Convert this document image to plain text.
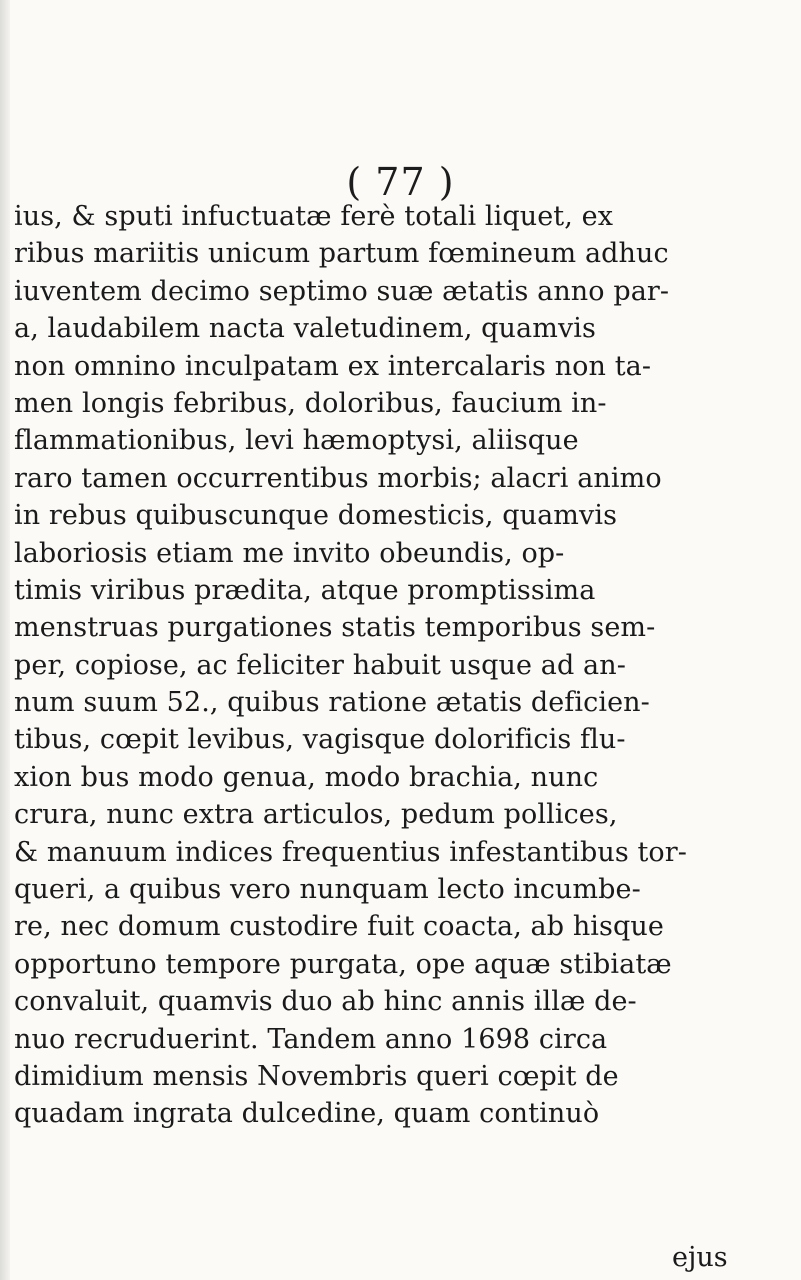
( 77 )
ius, & sputi infuctuatæ ferè totali liquet, ex
ribus mariitis unicum partum fœmineum adhuc
iuventem decimo septimo suæ ætatis anno par-
a, laudabilem nacta valetudinem, quamvis
non omnino inculpatam ex intercalaris non ta-
men longis febribus, doloribus, faucium in-
flammationibus, levi hæmoptysi, aliisque
raro tamen occurrentibus morbis; alacri animo
in rebus quibuscunque domesticis, quamvis
laboriosis etiam me invito obeundis, op-
timis viribus prædita, atque promptissima
menstruas purgationes statis temporibus sem-
per, copiose, ac feliciter habuit usque ad an-
num suum 52., quibus ratione ætatis deficien-
tibus, cœpit levibus, vagisque dolorificis flu-
xion bus modo genua, modo brachia, nunc
crura, nunc extra articulos, pedum pollices,
& manuum indices frequentius infestantibus tor-
queri, a quibus vero nunquam lecto incumbe-
re, nec domum custodire fuit coacta, ab hisque
opportuno tempore purgata, ope aquæ stibiatæ
convaluit, quamvis duo ab hinc annis illæ de-
nuo recruduerint. Tandem anno 1698 circa
dimidium mensis Novembris queri cœpit de
quadam ingrata dulcedine, quam continuò
ejus
